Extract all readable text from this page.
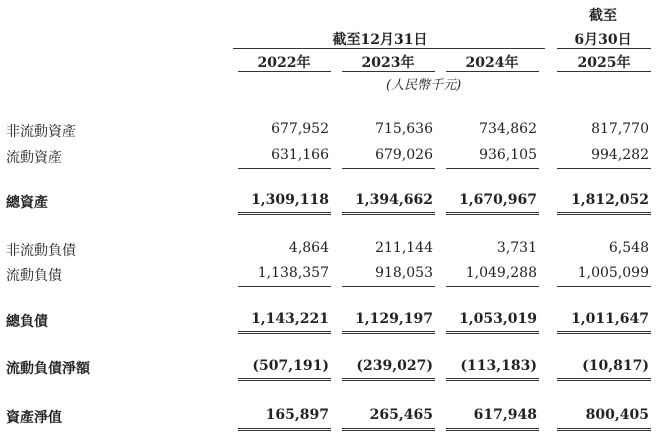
截至12月31日
截至
6月30日
2022年	2023年	2024年	2025年
(人民幣千元)
非流動資產	677,952	715,636	734,862	817,770
流動資產	631,166	679,026	936,105	994,282
總資產	1,309,118	1,394,662	1,670,967	1,812,052
非流動負債	4,864	211,144	3,731	6,548
流動負債	1,138,357	918,053	1,049,288	1,005,099
總負債	1,143,221	1,129,197	1,053,019	1,011,647
流動負債淨額	(507,191)	(239,027)	(113,183)	(10,817)
資產淨值	165,897	265,465	617,948	800,405
